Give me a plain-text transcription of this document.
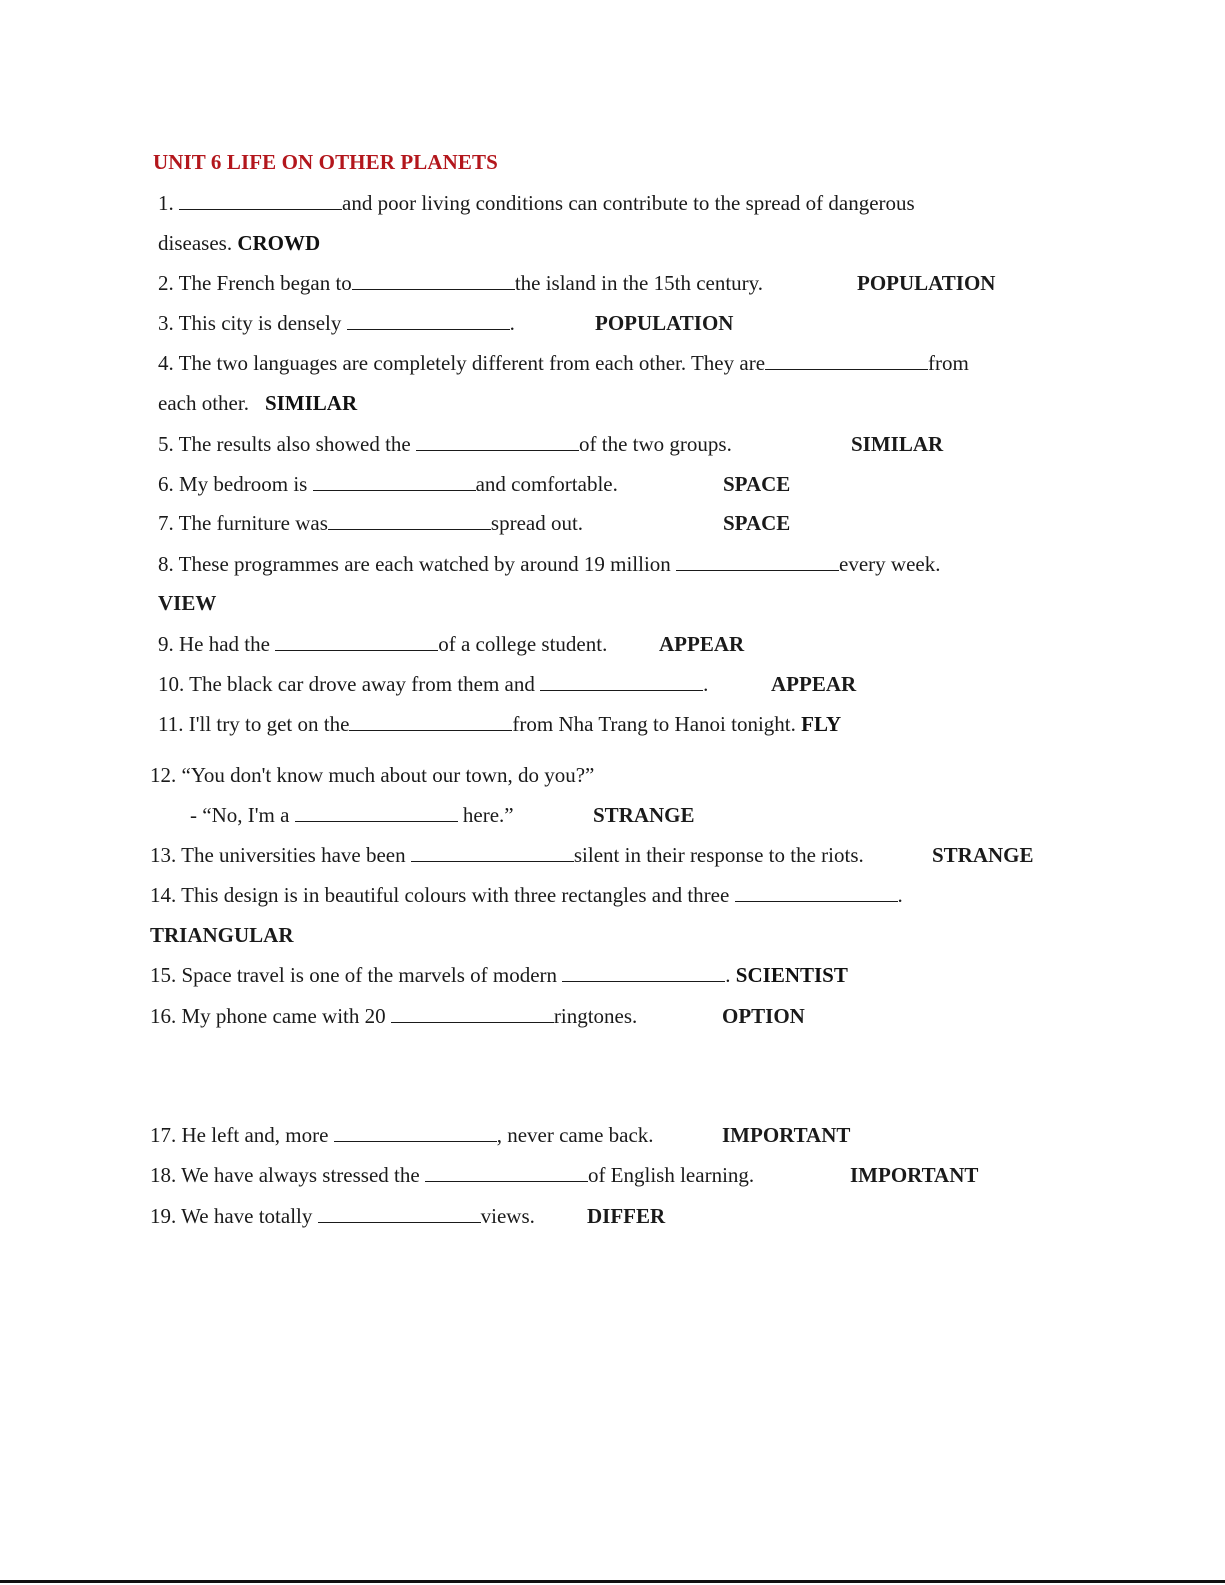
UNIT 6 LIFE ON OTHER PLANETS
1.	and poor living conditions can contribute to the spread of dangerous
diseases. CROWD
2. The French began to	the island in the 15th century.	POPULATION
3. This city is densely	.	POPULATION
4. The two languages are completely different from each other. They are	from
each other. SIMILAR
5. The results also showed the	of the two groups.	SIMILAR
6. My bedroom is	and comfortable.	SPACE
7. The furniture was	spread out.	SPACE
8. These programmes are each watched by around 19 million	every week.
VIEW
9. He had the	of a college student. APPEAR
10. The black car drove away from them and	.	APPEAR
11. I'll try to get on the	from Nha Trang to Hanoi tonight. FLY
12. “You don't know much about our town, do you?”
- “No, I'm a	here.”	STRANGE
13. The universities have been	silent in their response to the riots.	STRANGE
14. This design is in beautiful colours with three rectangles and three	.
TRIANGULAR
15. Space travel is one of the marvels of modern	. SCIENTIST
16. My phone came with 20	ringtones.	OPTION
17. He left and, more	, never came back.	IMPORTANT
18. We have always stressed the	of English learning.	IMPORTANT
19. We have totally	views. DIFFER
